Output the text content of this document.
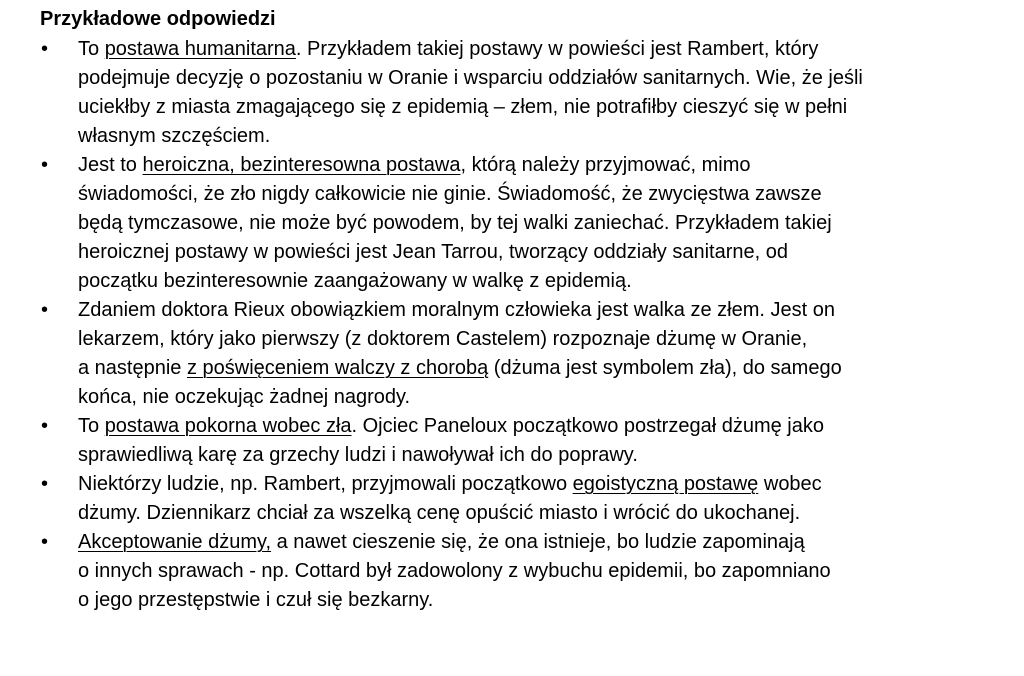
Przykładowe odpowiedzi
• To postawa humanitarna. Przykładem takiej postawy w powieści jest Rambert, który
podejmuje decyzję o pozostaniu w Oranie i wsparciu oddziałów sanitarnych. Wie, że jeśli
uciekłby z miasta zmagającego się z epidemią – złem, nie potrafiłby cieszyć się w pełni
własnym szczęściem.
• Jest to heroiczna, bezinteresowna postawa, którą należy przyjmować, mimo
świadomości, że zło nigdy całkowicie nie ginie. Świadomość, że zwycięstwa zawsze
będą tymczasowe, nie może być powodem, by tej walki zaniechać. Przykładem takiej
heroicznej postawy w powieści jest Jean Tarrou, tworzący oddziały sanitarne, od
początku bezinteresownie zaangażowany w walkę z epidemią.
• Zdaniem doktora Rieux obowiązkiem moralnym człowieka jest walka ze złem. Jest on
lekarzem, który jako pierwszy (z doktorem Castelem) rozpoznaje dżumę w Oranie,
a następnie z poświęceniem walczy z chorobą (dżuma jest symbolem zła), do samego
końca, nie oczekując żadnej nagrody.
• To postawa pokorna wobec zła. Ojciec Paneloux początkowo postrzegał dżumę jako
sprawiedliwą karę za grzechy ludzi i nawoływał ich do poprawy.
• Niektórzy ludzie, np. Rambert, przyjmowali początkowo egoistyczną postawę wobec
dżumy. Dziennikarz chciał za wszelką cenę opuścić miasto i wrócić do ukochanej.
• Akceptowanie dżumy, a nawet cieszenie się, że ona istnieje, bo ludzie zapominają
o innych sprawach - np. Cottard był zadowolony z wybuchu epidemii, bo zapomniano
o jego przestępstwie i czuł się bezkarny.
